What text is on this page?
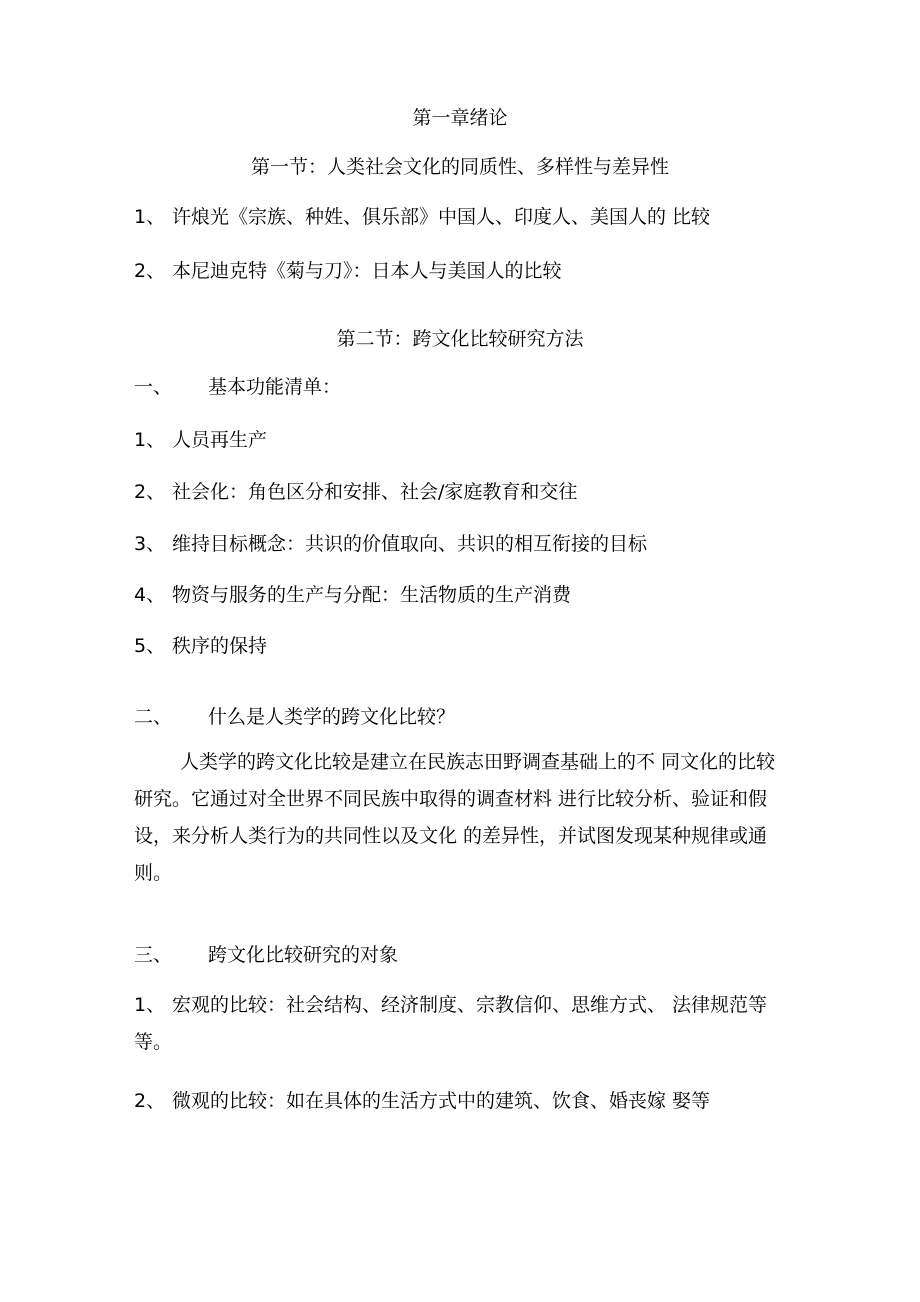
第一章绪论
第一节：人类社会文化的同质性、多样性与差异性
1、 许烺光《宗族、种姓、俱乐部》中国人、印度人、美国人的 比较
2、 本尼迪克特《菊与刀》：日本人与美国人的比较
第二节：跨文化比较研究方法
一、 基本功能清单：
1、 人员再生产
2、 社会化：角色区分和安排、社会/家庭教育和交往
3、 维持目标概念：共识的价值取向、共识的相互衔接的目标
4、 物资与服务的生产与分配：生活物质的生产消费
5、 秩序的保持
二、 什么是人类学的跨文化比较？
人类学的跨文化比较是建立在民族志田野调查基础上的不 同文化的比较研究。它通过对全世界不同民族中取得的调查材料 进行比较分析、验证和假设，来分析人类行为的共同性以及文化 的差异性，并试图发现某种规律或通则。
三、 跨文化比较研究的对象
1、 宏观的比较：社会结构、经济制度、宗教信仰、思维方式、 法律规范等等。
2、 微观的比较：如在具体的生活方式中的建筑、饮食、婚丧嫁 娶等
